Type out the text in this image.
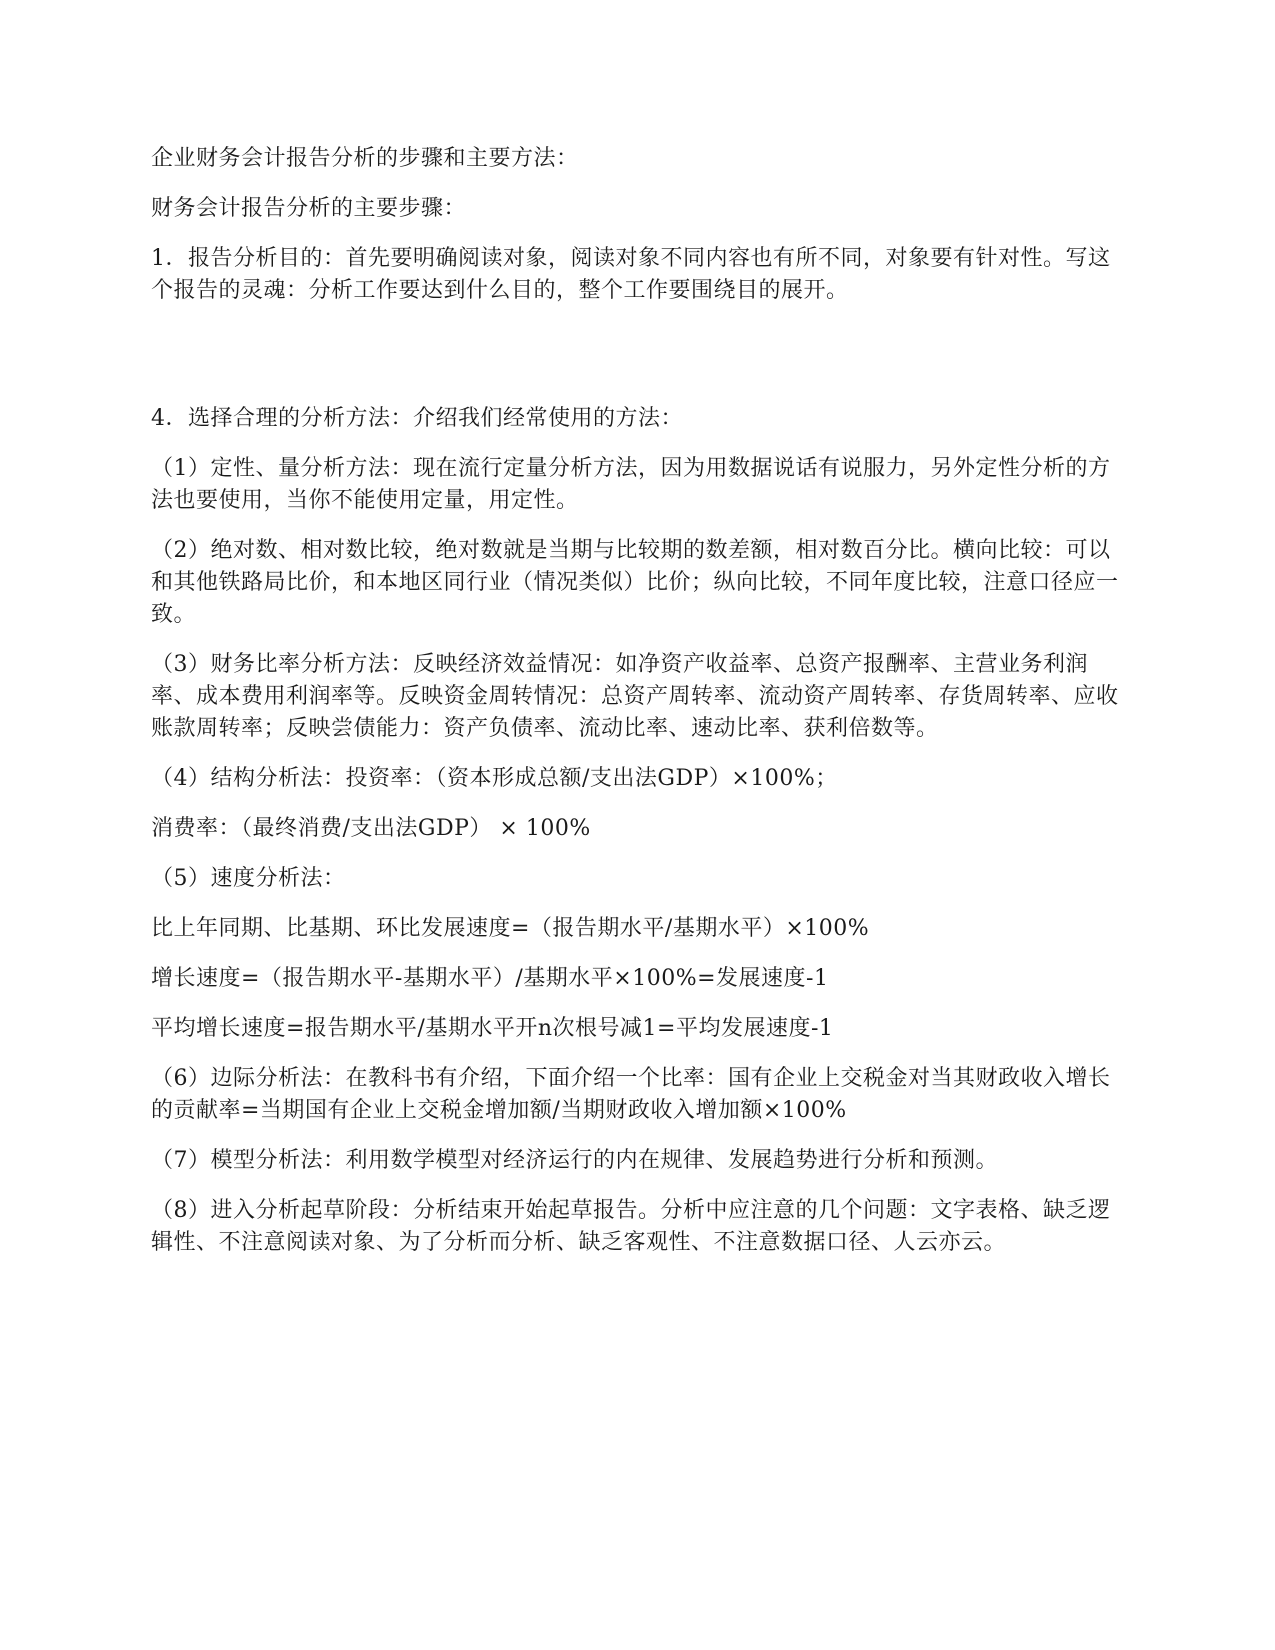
企业财务会计报告分析的步骤和主要方法：

财务会计报告分析的主要步骤：

1．报告分析目的：首先要明确阅读对象，阅读对象不同内容也有所不同，对象要有针对性。写这个报告的灵魂：分析工作要达到什么目的，整个工作要围绕目的展开。

4．选择合理的分析方法：介绍我们经常使用的方法：

（1）定性、量分析方法：现在流行定量分析方法，因为用数据说话有说服力，另外定性分析的方法也要使用，当你不能使用定量，用定性。

（2）绝对数、相对数比较，绝对数就是当期与比较期的数差额，相对数百分比。横向比较：可以和其他铁路局比价，和本地区同行业（情况类似）比价；纵向比较，不同年度比较，注意口径应一致。

（3）财务比率分析方法：反映经济效益情况：如净资产收益率、总资产报酬率、主营业务利润率、成本费用利润率等。反映资金周转情况：总资产周转率、流动资产周转率、存货周转率、应收账款周转率；反映尝债能力：资产负债率、流动比率、速动比率、获利倍数等。

（4）结构分析法：投资率：（资本形成总额/支出法GDP）×100%；

消费率：（最终消费/支出法GDP） × 100%

（5）速度分析法：

比上年同期、比基期、环比发展速度=（报告期水平/基期水平）×100%

增长速度=（报告期水平-基期水平）/基期水平×100%=发展速度-1

平均增长速度=报告期水平/基期水平开n次根号减1=平均发展速度-1

（6）边际分析法：在教科书有介绍，下面介绍一个比率：国有企业上交税金对当其财政收入增长的贡献率=当期国有企业上交税金增加额/当期财政收入增加额×100%

（7）模型分析法：利用数学模型对经济运行的内在规律、发展趋势进行分析和预测。

（8）进入分析起草阶段：分析结束开始起草报告。分析中应注意的几个问题：文字表格、缺乏逻辑性、不注意阅读对象、为了分析而分析、缺乏客观性、不注意数据口径、人云亦云。
